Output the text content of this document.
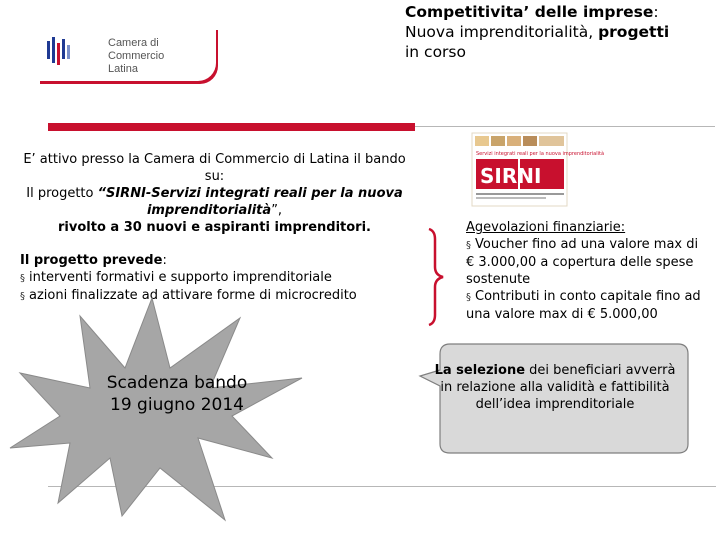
Camera di Commercio
Latina
Competitivita’ delle imprese:
Nuova imprenditorialità, progetti
in corso
E’ attivo presso la Camera di Commercio di Latina il bando su:
Il progetto “SIRNI-Servizi integrati reali per la nuova imprenditorialità”,
rivolto a 30 nuovi e aspiranti imprenditori.
Il progetto prevede:
§ interventi formativi e supporto imprenditoriale
§ azioni finalizzate ad attivare forme di microcredito
Scadenza bando
19 giugno 2014
Servizi integrati reali per la nuova imprenditorialità
SIRNI
Agevolazioni finanziarie:
§ Voucher fino ad una valore max di € 3.000,00 a copertura delle spese sostenute
§ Contributi in conto capitale fino ad una valore max di € 5.000,00
La selezione dei beneficiari avverrà in relazione alla validità e fattibilità dell’idea imprenditoriale
